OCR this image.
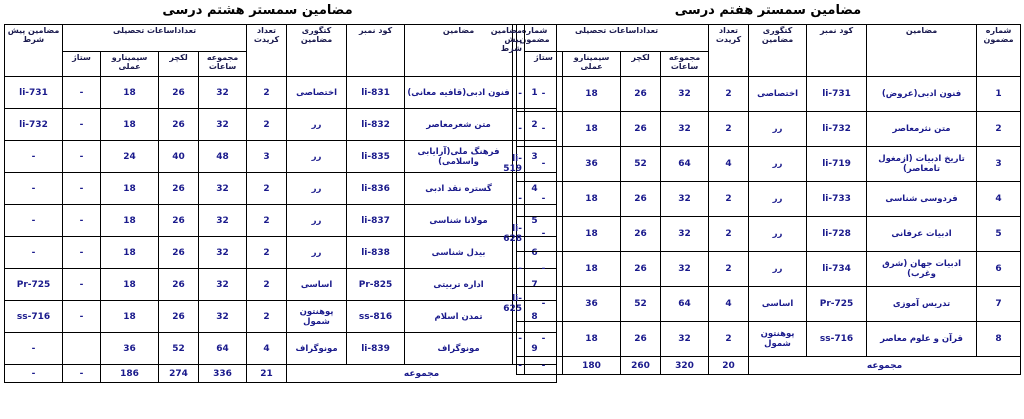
مضامین سمستر هشتم درسی
شماره مضمون	مضامین	کود نمبر	کتگوری مضامین	تعداد کریدت	تعداداساعات تحصیلی				مضامین پیش شرط
					مجموعه ساعات	لکچر	سیمینارو عملی	ستاژ	
1	فنون ادبی(قافیه معانی)	li-831	اختصاصی	2	32	26	18	-	li-731
2	متن شعرمعاصر	li-832	رر	2	32	26	18	-	li-732
3	فرهنگ ملی(آرایابی واسلامی)	li-835	رر	3	48	40	24	-	-
4	گستره نقد ادبی	li-836	رر	2	32	26	18	-	-
5	مولانا شناسی	li-837	رر	2	32	26	18	-	-
6	بیدل شناسی	li-838	رر	2	32	26	18	-	-
7	اداره تربیتی	Pr-825	اساسی	2	32	26	18	-	Pr-725
8	تمدن اسلام	ss-816	پوهنتون شمول	2	32	26	18	-	ss-716
9	مونوگراف	li-839	مونوگراف	4	64	52	36		-
مجموعه				21	336	274	186	-	-
مضامین سمستر هفتم درسی
شماره مضمون	مضامین	کود نمبر	کتگوری مضامین	تعداد کریدت	تعداداساعات تحصیلی				مضامین پیش شرط
					مجموعه ساعات	لکچر	سیمینارو عملی	ستاژ	
1	فنون ادبی(عروض)	li-731	اختصاصی	2	32	26	18	-	-
2	متن نثرمعاصر	li-732	رر	2	32	26	18	-	-
3	تاریخ ادبیات (ازمغول تامعاصر)	li-719	رر	4	64	52	36	-	li-519
4	فردوسی شناسی	li-733	رر	2	32	26	18	-	-
5	ادبیات عرفانی	li-728	رر	2	32	26	18	-	li-628
6	ادبیات جهان (شرق وغرب)	li-734	رر	2	32	26	18	-	-
7	تدریس آموزی	Pr-725	اساسی	4	64	52	36	-	li-625
8	قرآن و علوم معاصر	ss-716	پوهنتون شمول	2	32	26	18	-	-
مجموعه				20	320	260	180	-	-
